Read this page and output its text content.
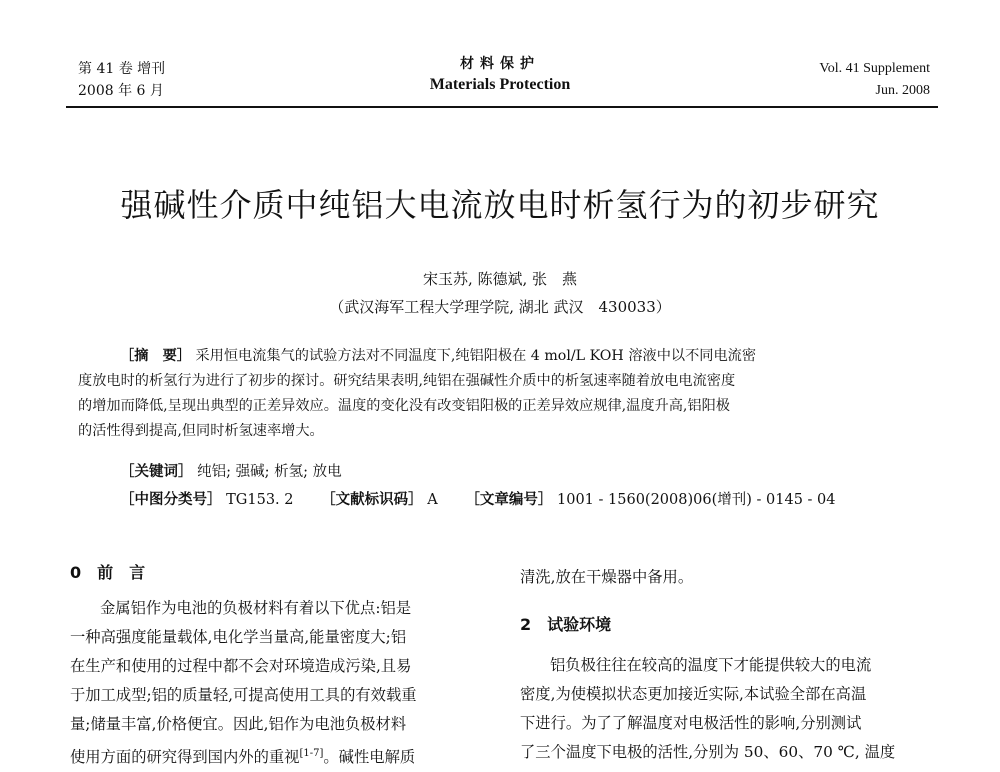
第 41 卷 增刊
2008 年 6 月
材料保护
Materials Protection
Vol. 41 Supplement
Jun. 2008
强碱性介质中纯铝大电流放电时析氢行为的初步研究
宋玉苏, 陈德斌, 张　燕
（武汉海军工程大学理学院, 湖北 武汉　430033）
［摘　要］ 采用恒电流集气的试验方法对不同温度下,纯铝阳极在 4 mol/L KOH 溶液中以不同电流密
度放电时的析氢行为进行了初步的探讨。研究结果表明,纯铝在强碱性介质中的析氢速率随着放电电流密度
的增加而降低,呈现出典型的正差异效应。温度的变化没有改变铝阳极的正差异效应规律,温度升高,铝阳极
的活性得到提高,但同时析氢速率增大。
［关键词］ 纯铝; 强碱; 析氢; 放电
［中图分类号］ TG153. 2 ［文献标识码］ A ［文章编号］ 1001 - 1560(2008)06(增刊) - 0145 - 04
0　前　言
金属铝作为电池的负极材料有着以下优点:铝是
一种高强度能量载体,电化学当量高,能量密度大;铝
在生产和使用的过程中都不会对环境造成污染,且易
于加工成型;铝的质量轻,可提高使用工具的有效载重
量;储量丰富,价格便宜。因此,铝作为电池负极材料
使用方面的研究得到国内外的重视[1-7]。碱性电解质
清洗,放在干燥器中备用。
2　试验环境
铝负极往往在较高的温度下才能提供较大的电流
密度,为使模拟状态更加接近实际,本试验全部在高温
下进行。为了了解温度对电极活性的影响,分别测试
了三个温度下电极的活性,分别为 50、60、70 ℃, 温度
